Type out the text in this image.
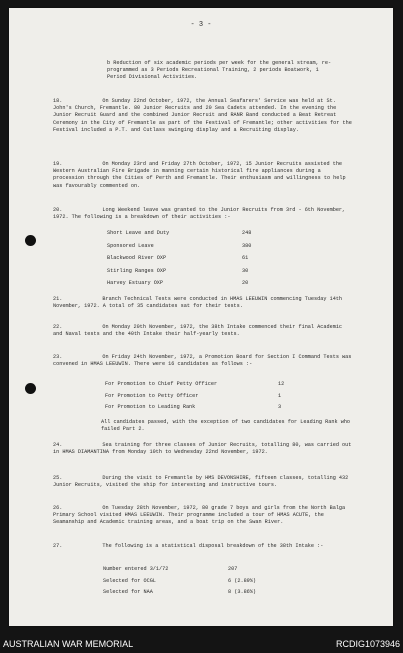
- 3 -
b Reduction of six academic periods per week for the general stream, re-programmed as 3 Periods Recreational Training, 2 periods Boatwork, 1 Period Divisional Activities.

18.	On Sunday 22nd October, 1972, the Annual Seafarers' Service was held at St. John's Church, Fremantle. 80 Junior Recruits and 20 Sea Cadets attended. In the evening the Junior Recruit Guard and the combined Junior Recruit and RANR Band conducted a Beat Retreat Ceremony in the City of Fremantle as part of the Festival of Fremantle; other activities for the Festival included a P.T. and Cutlass swinging display and a Recruiting display.

19.	On Monday 23rd and Friday 27th October, 1972, 15 Junior Recruits assisted the Western Australian Fire Brigade in manning certain historical fire appliances during a procession through the Cities of Perth and Fremantle. Their enthusiasm and willingness to help was favourably commented on.

20.	Long Weekend leave was granted to the Junior Recruits from 3rd - 6th November, 1972. The following is a breakdown of their activities :-

Short Leave and Duty	248
Sponsored Leave	380
Blackwood River OXP	61
Stirling Ranges OXP	30
Harvey Estuary OXP	20

21.	Branch Technical Tests were conducted in HMAS LEEUWIN commencing Tuesday 14th November, 1972. A total of 35 candidates sat for their tests.

22.	On Monday 20th November, 1972, the 38th Intake commenced their final Academic and Naval tests and the 40th Intake their half-yearly tests.

23.	On Friday 24th November, 1972, a Promotion Board for Section I Command Tests was convened in HMAS LEEUWIN. There were 16 candidates as follows :-

For Promotion to Chief Petty Officer	12
For Promotion to Petty Officer	1
For Promotion to Leading Rank	3

All candidates passed, with the exception of two candidates for Leading Rank who failed Part 2.

24.	Sea training for three classes of Junior Recruits, totalling 80, was carried out in HMAS DIAMANTINA from Monday 10th to Wednesday 22nd November, 1972.

25.	During the visit to Fremantle by HMS DEVONSHIRE, fifteen classes, totalling 432 Junior Recruits, visited the ship for interesting and instructive tours.

26.	On Tuesday 28th November, 1972, 80 grade 7 boys and girls from the North Balga Primary School visited HMAS LEEUWIN. Their programme included a tour of HMAS ACUTE, the Seamanship and Academic training areas, and a boat trip on the Swan River.

27.	The following is a statistical disposal breakdown of the 38th Intake :-

Number entered 3/1/72	207
Selected for OCGL	6 (2.89%)
Selected for NAA	8 (3.86%)
AUSTRALIAN WAR MEMORIAL	RCDIG1073946
